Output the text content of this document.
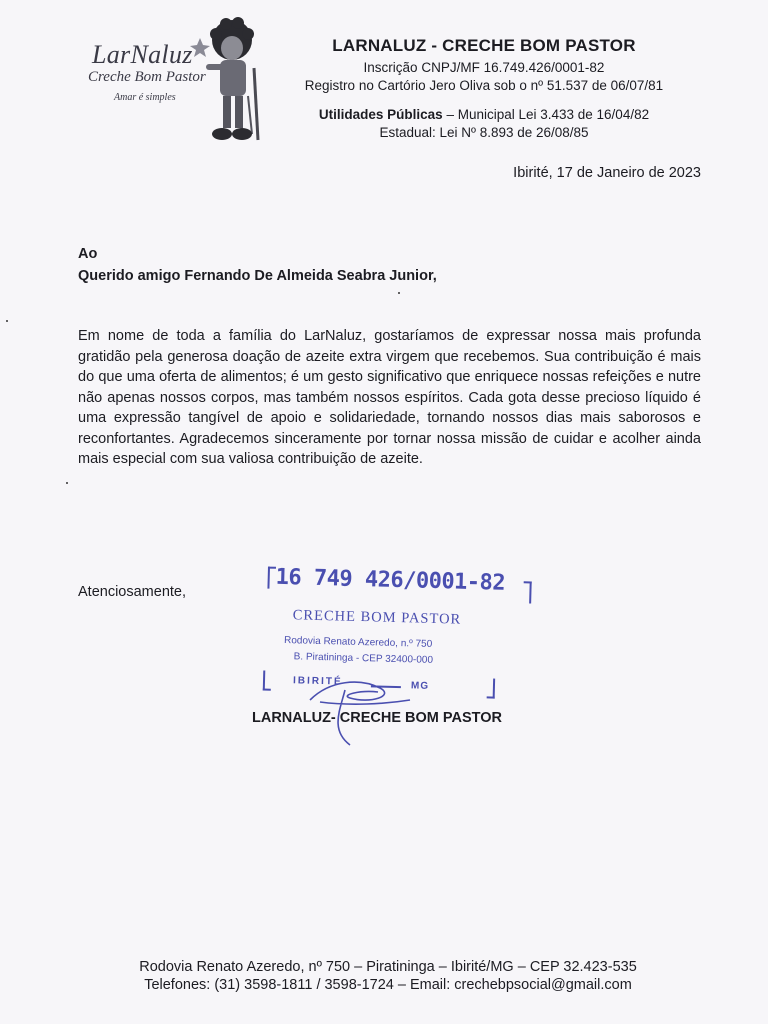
LarNaluz
Creche Bom Pastor
Amar é simples
LARNALUZ - CRECHE BOM PASTOR
Inscrição CNPJ/MF 16.749.426/0001-82
Registro no Cartório Jero Oliva sob o nº 51.537 de 06/07/81
Utilidades Públicas – Municipal Lei 3.433 de 16/04/82
Estadual: Lei Nº 8.893 de 26/08/85
Ibirité, 17 de Janeiro de 2023
Ao
Querido amigo Fernando De Almeida Seabra Junior,
Em nome de toda a família do LarNaluz, gostaríamos de expressar nossa mais profunda gratidão pela generosa doação de azeite extra virgem que recebemos. Sua contribuição é mais do que uma oferta de alimentos; é um gesto significativo que enriquece nossas refeições e nutre não apenas nossos corpos, mas também nossos espíritos. Cada gota desse precioso líquido é uma expressão tangível de apoio e solidariedade, tornando nossos dias mais saborosos e reconfortantes. Agradecemos sinceramente por tornar nossa missão de cuidar e acolher ainda mais especial com sua valiosa contribuição de azeite.
Atenciosamente,	16 749 426/0001-82
CRECHE BOM PASTOR
Rodovia Renato Azeredo, n.º 750
B. Piratininga - CEP 32400-000
IBIRITÉ	MG
LARNALUZ- CRECHE BOM PASTOR
Rodovia Renato Azeredo, nº 750 – Piratininga – Ibirité/MG – CEP 32.423-535
Telefones: (31) 3598-1811 / 3598-1724 – Email: crechebpsocial@gmail.com
